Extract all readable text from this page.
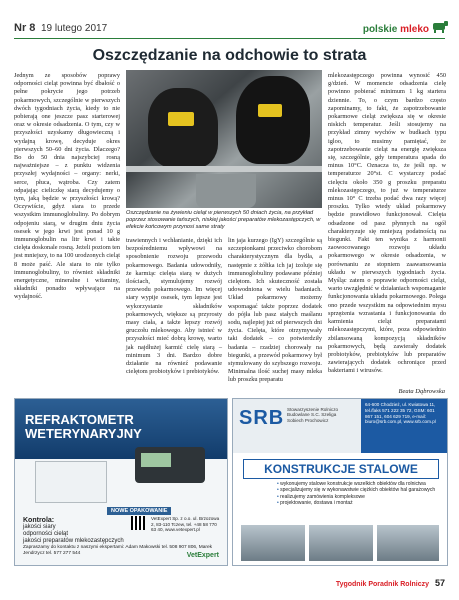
Nr 8 19 lutego 2017	polskie mleko
Oszczędzanie na odchowie to strata
Jednym ze sposobów poprawy odporności cieląt powinna być dbałość o pełne pokrycie jego potrzeb pokarmowych, szczególnie w pierwszych dwóch tygodniach życia, kiedy to nie pobierają one jeszcze pasz starterowej oraz w okresie odsadzenia. O tym, czy w przyszłości uzyskamy długowieczną i wydajną krowę, decyduje okres pierwszych 50–60 dni życia. Dlaczego? Bo do 50 dnia najszybciej rosną najważniejsze – z punktu widzenia przyszłej wydajności – organy: nerki, serce, płuca, wątroba. Czy zatem odpajając cieliczkę siarą decydujemy o tym, jaką będzie w przyszłości krową? Oczywiście, gdyż siara to przede wszystkim immunoglobuliny. Po dobrym odpojeniu siarą, w drugim dniu życia osesek w jego krwi jest ponad 10 g immunoglobulin na litr krwi i takie cielęta doskonale rosną. Jeżeli poziom ten jest mniejszy, to na 100 urodzonych cieląt 8 może paść. Ale siara to nie tylko immunoglobuliny, to również składniki energetyczne, mineralne i witaminy, składniki ponadto wpływające na wydajność.
Oszczędzanie na żywieniu cieląt w pierwszych 50 dniach życia, na przykład poprzez stosowanie tańszych, niskiej jakości preparatów mlekozastępczych, w efekcie końcowym przynosi same straty
trawiennych i wchłanianie, dzięki ich bezpośredniemu wpływowi na sposobnienie rozwoju przewodu pokarmowego. Badania udowodniły, że karmiąc cielęta siarą w dużych ilościach, stymulujemy rozwój przewodu pokarmowego. Im więcej siary wypije osesek, tym lepsze jest wykorzystanie składników pokarmowych, większe są przyrosty masy ciała, a także lepszy rozwój gruczołu mlekowego. Aby istnieć w przyszłości mieć dobrą krowę, warto jak najdłużej karmić cielę siarą – minimum 3 dni. Bardzo dobre działanie na równieź podawanie cielętom probiotyków i prebiotyków.
lin jaja kurzego (IgY) szczególnie są szczepionkami przeciwko chorobom charakterystycznym dla bydła, a następnie z żółtka ich jaj izoluje się immunoglobuliny podawane później cielętom. Ich skuteczność została udowodniona w wielu badaniach. Układ pokarmowy możemy wspomagać także poprzez dodatek do pójła lub pasz stałych maślanu sodu, najlepiej już od pierwszych dni życia. Cielęta, które otrzymywały taki dodatek – co potwierdziły badania – rzadziej chorowały na biegunki, a przewód pokarmowy był stymulowany do szybszego rozwoju. Minimalna ilość suchej masy mleka lub proszku preparatu
mlekozastępczego powinna wynosić 450 g/dzień. W momencie odsadzenia cielę powinno pobierać minimum 1 kg startera dziennie. To, o czym bardzo często zapominamy, to fakt, że zapotrzebowanie pokarmowe cieląt zwiększa się w okresie niskich temperatur. Jeśli stosujemy na przykład zimny wychów w budkach typu igloo, to musimy pamiętać, że zapotrzebowanie cieląt na energię zwiększa się, szczególnie, gdy temperatura spada do minus 10°C. Oznacza to, że jeśli np. w temperaturze 20°st. C wystarczy podać cielęciu około 350 g proszku preparatu mlekozastępczego, to już w temperaturze minus 10° C trzeba podać dwa razy więcej proszku. Tylko wtedy układ pokarmowy będzie prawidłowo funkcjonował. Cielęta odsadzone od pasz płynnych na ogół charakteryzuje się mniejszą podatnością na biegunki. Fakt ten wynika z harmonii zaowocowanego rozwoju układu pokarmowego w okresie odsadzenia, w porównaniu ze stopniem zaawansowania układu w pierwszych tygodniach życia. Myśląc zatem o poprawie odporności cieląt, warto uwzględnić w działaniach wspomaganie funkcjonowania układu pokarmowego. Polega ono przede wszystkim na odpowiednim mysu sprzężenia wzrastania i funkcjonowania do karmienia cieląt preparatami mlekozastępczymi, które, poza odpowiednio zbilansowaną kompozycją składników pokarmowych, będą zawierały dodatek probiotyków, prebiotyków lub preparatów zawierających dodatek ochroniące przed bakteriami i wirusów.
Beata Dąbrowska
REFRAKTOMETR WETERYNARYJNY
NOWE OPAKOWANIE
Kontrola:
jakości siary
odporności cieląt
jakości preparatów mlekozastępczych
VetExpert Sp. z o.o. ul. Brzozowa 2, 83-110 Tczew, tel. +48 58 770 63 40, www.vetexpert.pl
Zapraszamy do kontaktu z naszymi ekspertami: Adam Makowski tel. 508 907 806, Marek Jendrzycz tel. 577 277 544	VetExpert
SRB Stowarzyszenie Rolniczo Budowlane S.C. Szeliga Sobiech Prochowicz
64-600 Chodzież, ul. Kwiatowa 11, tel./faks 571 222 35 72, GSM: 601 867 151, 604 629 719, e-mail: biuro@srb.com.pl, www.srb.com.pl
KONSTRUKCJE STALOWE
• wykonujemy stalowe konstrukcje wszelkich obiektów dla rolnictwa
• specjalizujemy się w wykonawstwie ciężkich obiektów hal garażowych
• realizujemy zamówienia kompleksowe
• projektowanie, dostawa i montaż
Tygodnik Poradnik Rolniczy 57
